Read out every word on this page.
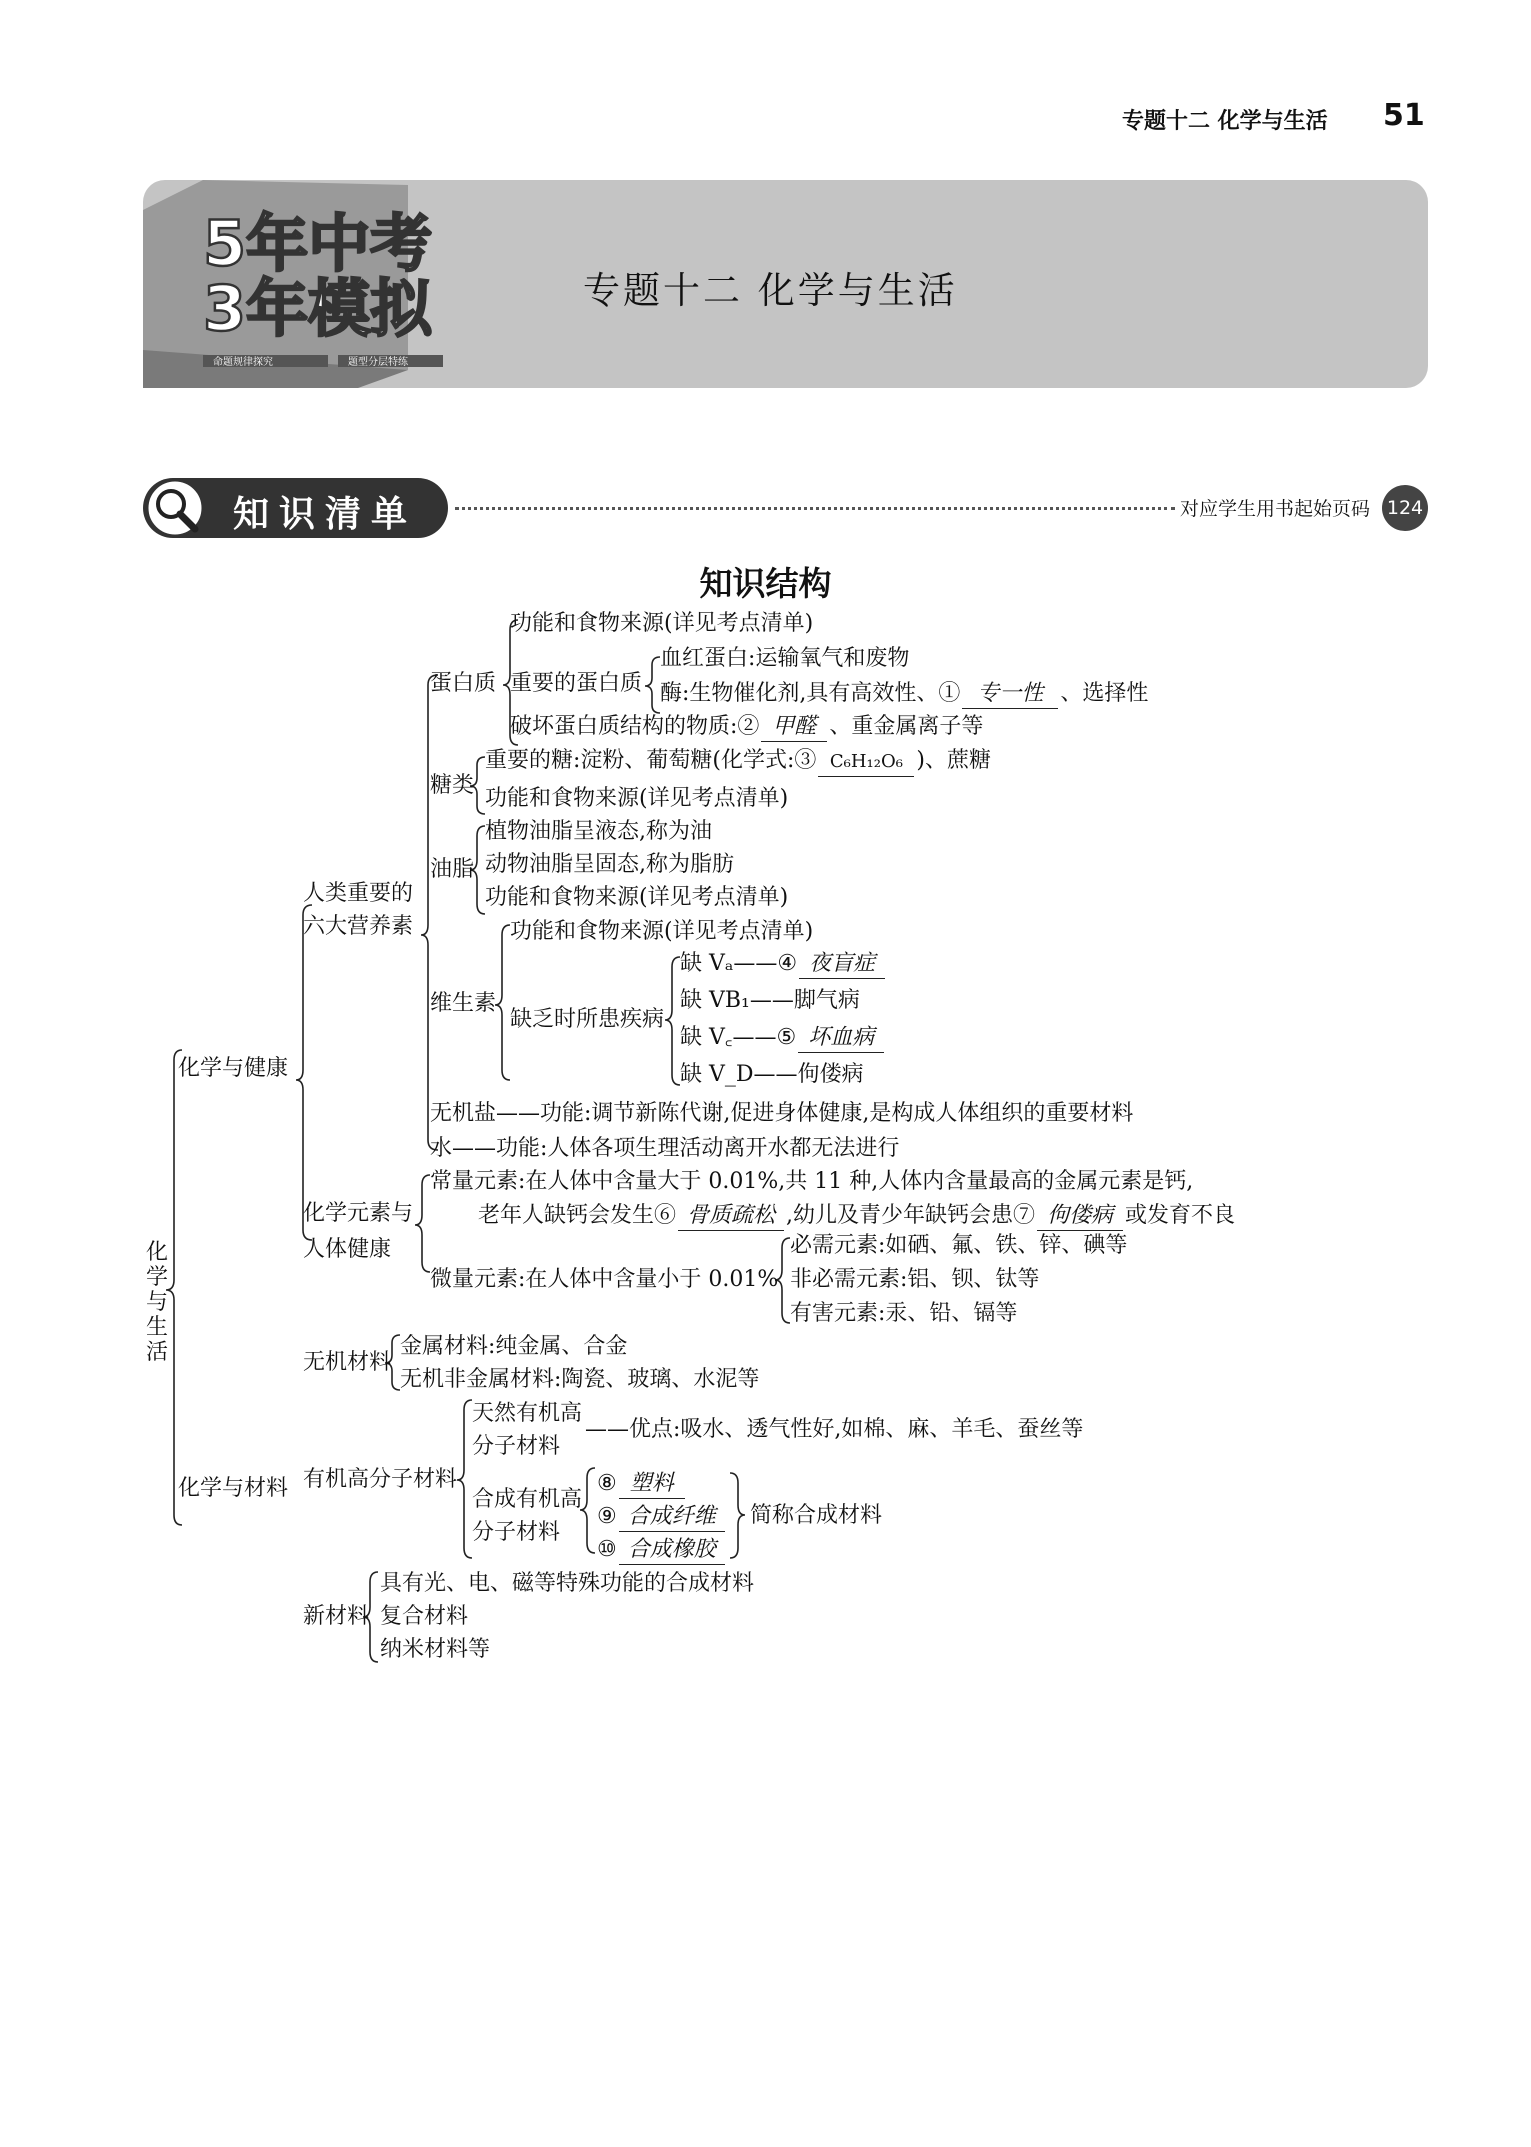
专题十二 化学与生活 51
5年中考
3年模拟
命题规律探究	题型分层特练
专题十二 化学与生活
知识清单	对应学生用书起始页码 124
知识结构
化学与生活
化学与健康
化学与材料
人类重要的
六大营养素
蛋白质
功能和食物来源(详见考点清单)
重要的蛋白质
血红蛋白:运输氧气和废物
酶:生物催化剂,具有高效性、① 专一性 、选择性
破坏蛋白质结构的物质:② 甲醛 、重金属离子等
糖类
重要的糖:淀粉、葡萄糖(化学式:③ C₆H₁₂O₆ )、蔗糖
功能和食物来源(详见考点清单)
油脂
植物油脂呈液态,称为油
动物油脂呈固态,称为脂肪
功能和食物来源(详见考点清单)
维生素
功能和食物来源(详见考点清单)
缺乏时所患疾病
缺 Vₐ——④ 夜盲症
缺 VB₁——脚气病
缺 V꜀——⑤ 坏血病
缺 V_D——佝偻病
无机盐——功能:调节新陈代谢,促进身体健康,是构成人体组织的重要材料
水——功能:人体各项生理活动离开水都无法进行
化学元素与
人体健康
常量元素:在人体中含量大于 0.01%,共 11 种,人体内含量最高的金属元素是钙,
老年人缺钙会发生⑥ 骨质疏松 ,幼儿及青少年缺钙会患⑦ 佝偻病 或发育不良
微量元素:在人体中含量小于 0.01%
必需元素:如硒、氟、铁、锌、碘等
非必需元素:铝、钡、钛等
有害元素:汞、铅、镉等
无机材料
金属材料:纯金属、合金
无机非金属材料:陶瓷、玻璃、水泥等
有机高分子材料
天然有机高
分子材料
——优点:吸水、透气性好,如棉、麻、羊毛、蚕丝等
合成有机高
分子材料
⑧ 塑料
⑨ 合成纤维
⑩ 合成橡胶
简称合成材料
新材料
具有光、电、磁等特殊功能的合成材料
复合材料
纳米材料等
